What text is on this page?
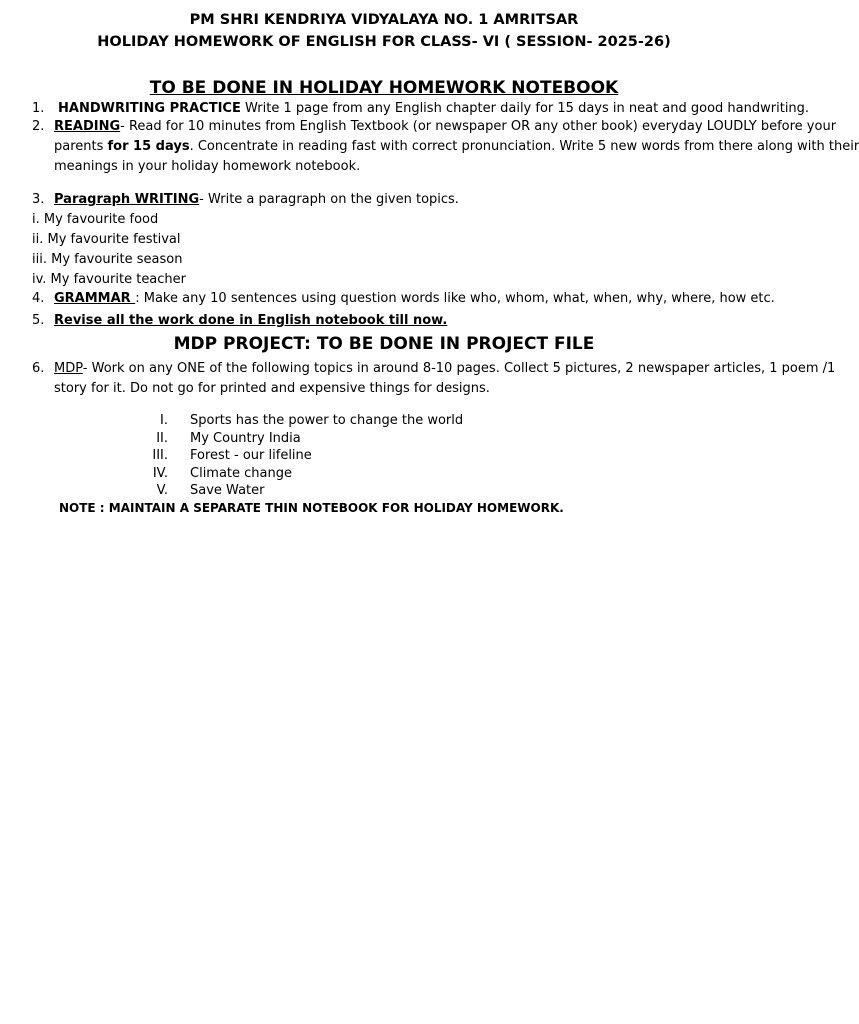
PM SHRI KENDRIYA VIDYALAYA NO. 1 AMRITSAR
HOLIDAY HOMEWORK OF ENGLISH FOR CLASS- VI ( SESSION- 2025-26)
TO BE DONE IN HOLIDAY HOMEWORK NOTEBOOK
1. HANDWRITING PRACTICE Write 1 page from any English chapter daily for 15 days in neat and good handwriting.
2. READING- Read for 10 minutes from English Textbook (or newspaper OR any other book) everyday LOUDLY before your
parents for 15 days. Concentrate in reading fast with correct pronunciation. Write 5 new words from there along with their
meanings in your holiday homework notebook.
3. Paragraph WRITING- Write a paragraph on the given topics.
i. My favourite food
ii. My favourite festival
iii. My favourite season
iv. My favourite teacher
4. GRAMMAR : Make any 10 sentences using question words like who, whom, what, when, why, where, how etc.
5. Revise all the work done in English notebook till now.
MDP PROJECT: TO BE DONE IN PROJECT FILE
6. MDP- Work on any ONE of the following topics in around 8-10 pages. Collect 5 pictures, 2 newspaper articles, 1 poem /1
story for it. Do not go for printed and expensive things for designs.
I. Sports has the power to change the world
II. My Country India
III. Forest - our lifeline
IV. Climate change
V. Save Water
NOTE : MAINTAIN A SEPARATE THIN NOTEBOOK FOR HOLIDAY HOMEWORK.
